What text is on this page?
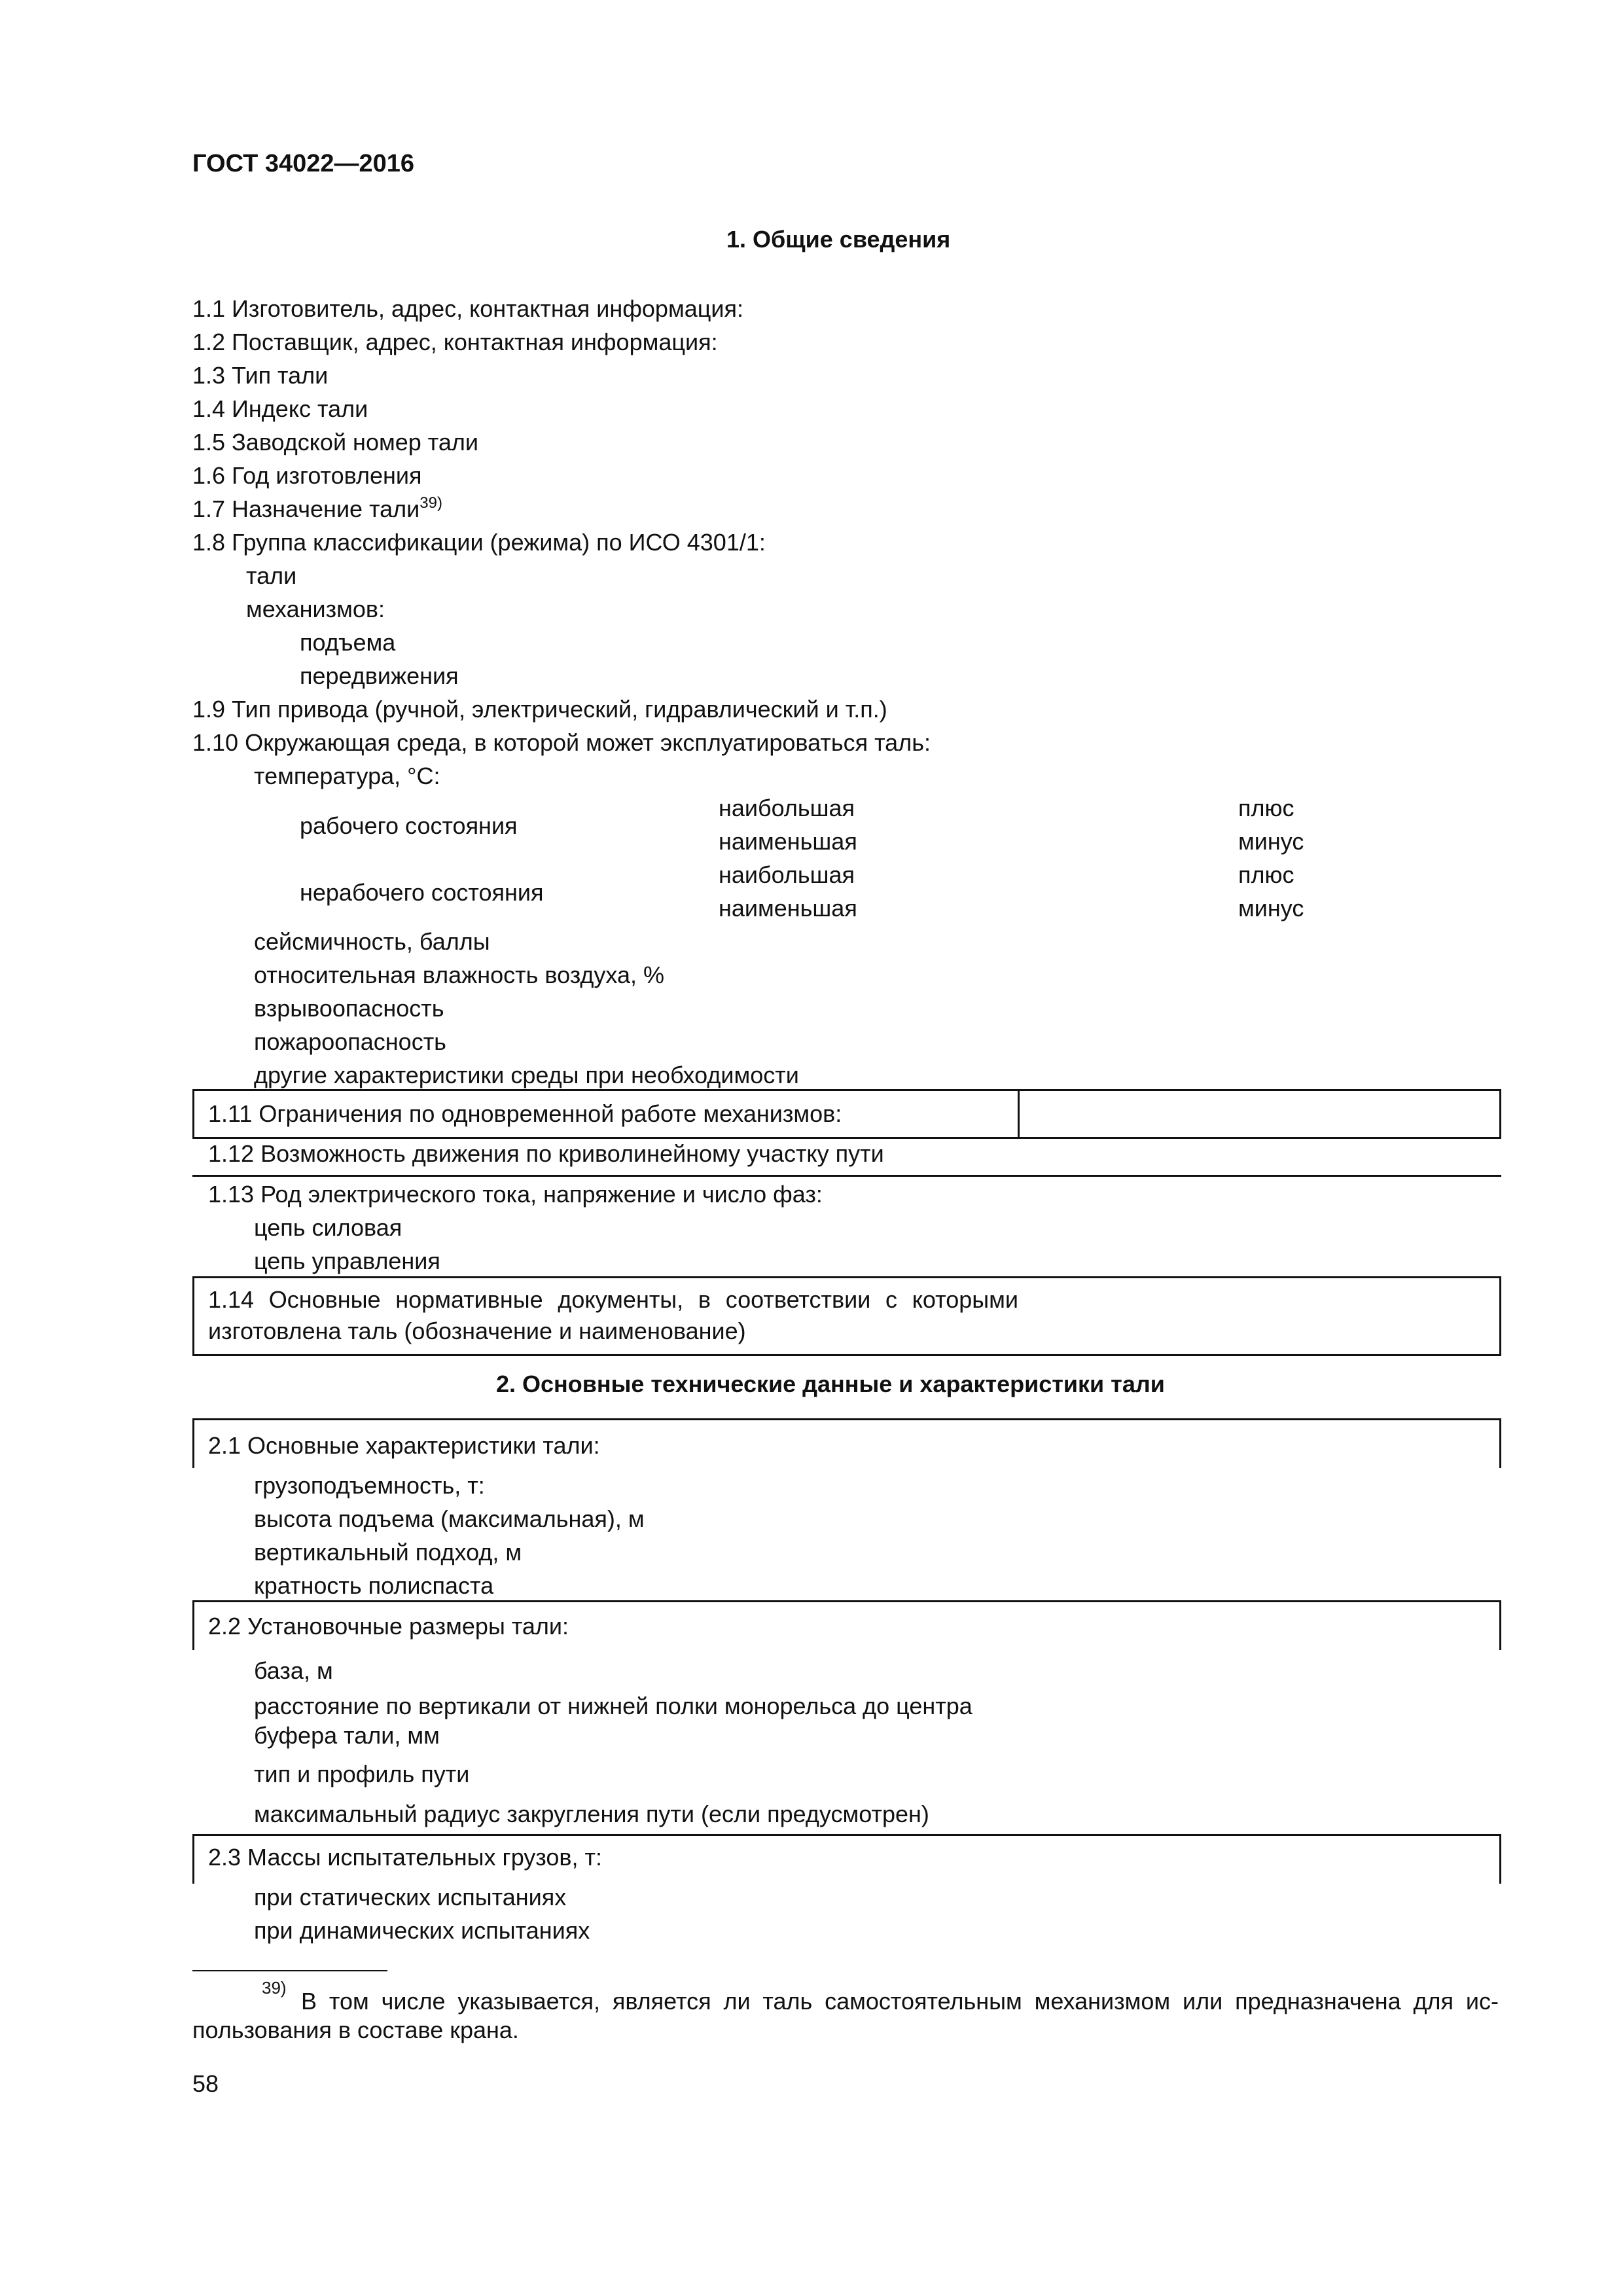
ГОСТ 34022—2016
1. Общие сведения
1.1 Изготовитель, адрес, контактная информация:
1.2 Поставщик, адрес, контактная информация:
1.3 Тип тали
1.4 Индекс тали
1.5 Заводской номер тали
1.6 Год изготовления
1.7 Назначение тали$^{39)}$
1.8 Группа классификации (режима) по ИСО 4301/1:
тали
механизмов:
подъема
передвижения
1.9 Тип привода (ручной, электрический, гидравлический и т.п.)
1.10 Окружающая среда, в которой может эксплуатироваться таль:
температура, °С:
рабочего состояния
наибольшая
наименьшая
плюс
минус
нерабочего состояния
наибольшая
наименьшая
плюс
минус
сейсмичность, баллы
относительная влажность воздуха, %
взрывоопасность
пожароопасность
другие характеристики среды при необходимости
1.11 Ограничения по одновременной работе механизмов:
1.12 Возможность движения по криволинейному участку пути
1.13 Род электрического тока, напряжение и число фаз:
цепь силовая
цепь управления
1.14 Основные нормативные документы, в соответствии с которыми
изготовлена таль (обозначение и наименование)
2. Основные технические данные и характеристики тали
2.1 Основные характеристики тали:
грузоподъемность, т:
высота подъема (максимальная), м
вертикальный подход, м
кратность полиспаста
2.2 Установочные размеры тали:
база, м
расстояние по вертикали от нижней полки монорельса до центра
буфера тали, мм
тип и профиль пути
максимальный радиус закругления пути (если предусмотрен)
2.3 Массы испытательных грузов, т:
при статических испытаниях
при динамических испытаниях
39) В том числе указывается, является ли таль самостоятельным механизмом или предназначена для ис-
пользования в составе крана.
58
